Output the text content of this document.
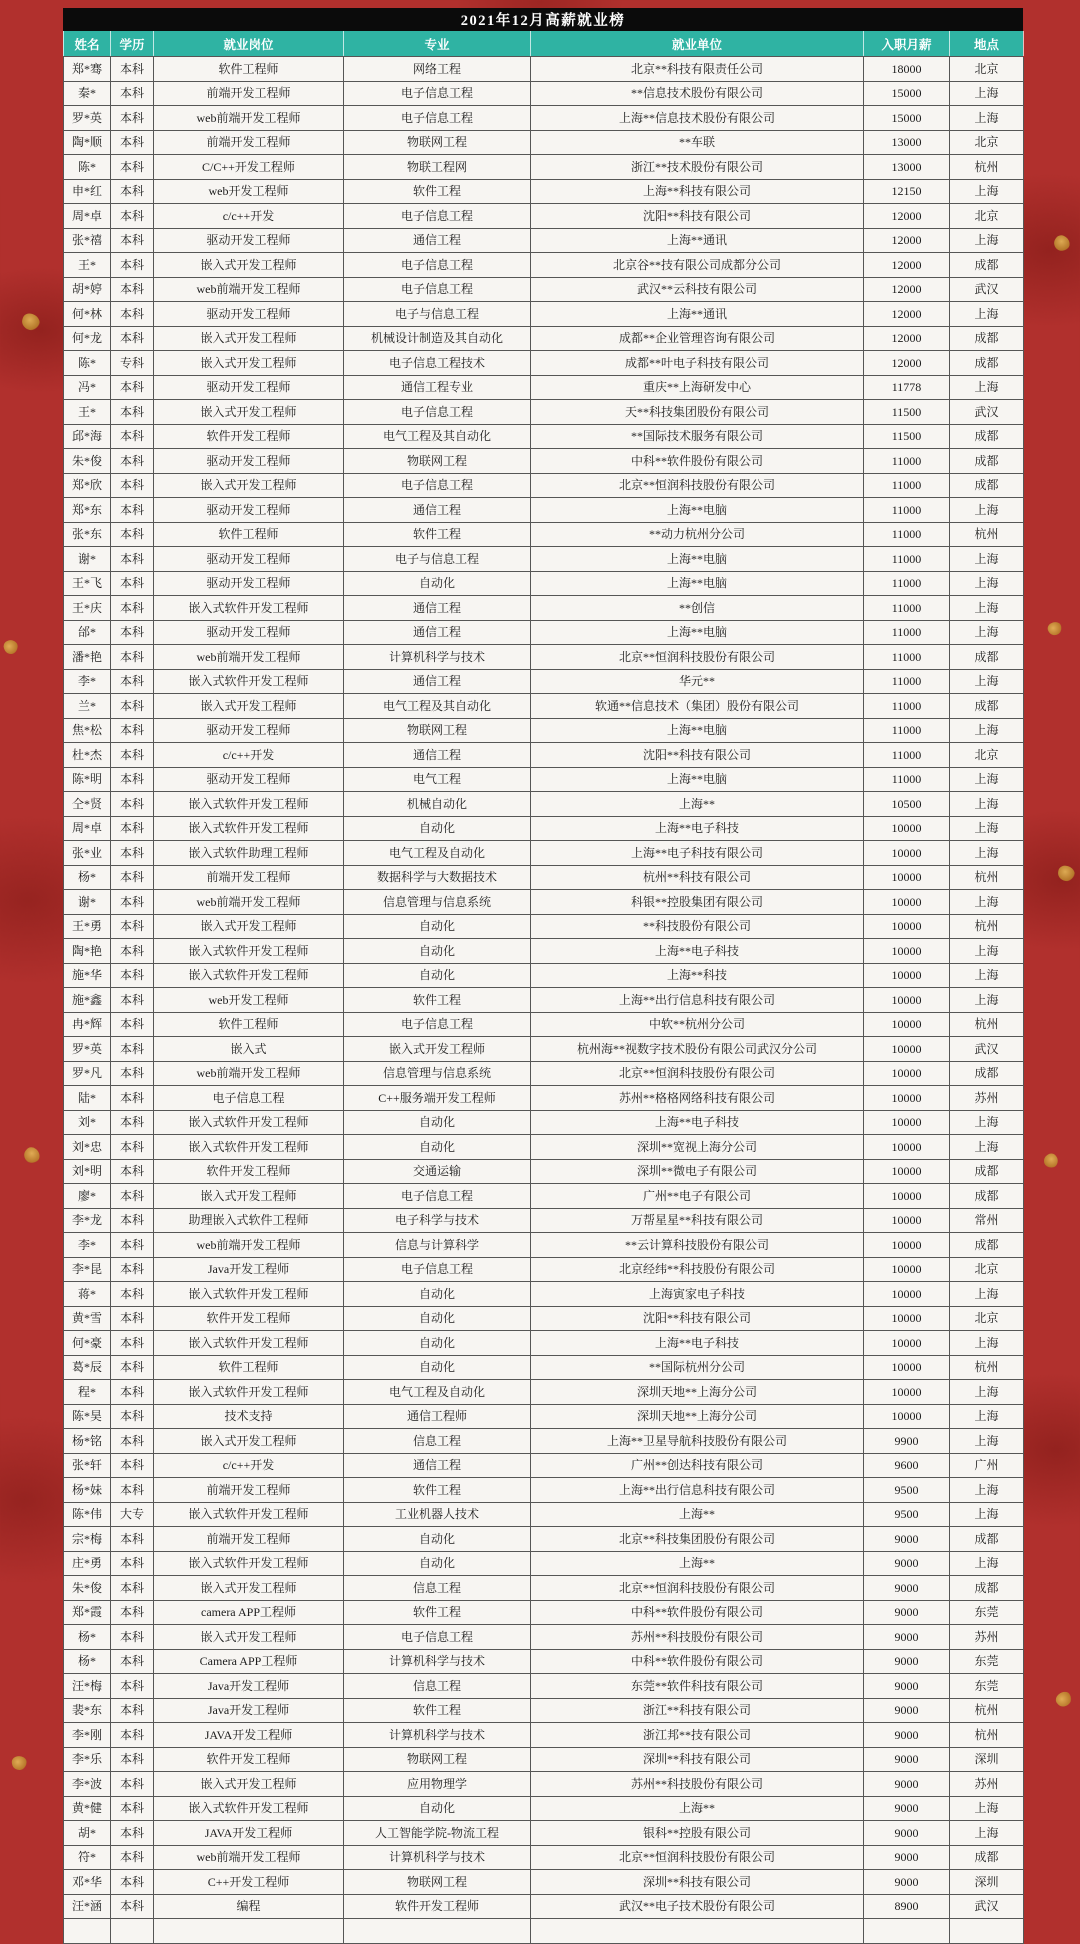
2021年12月高薪就业榜
姓名	学历	就业岗位	专业	就业单位	入职月薪	地点
郑*骞	本科	软件工程师	网络工程	北京**科技有限责任公司	18000	北京
秦*	本科	前端开发工程师	电子信息工程	**信息技术股份有限公司	15000	上海
罗*英	本科	web前端开发工程师	电子信息工程	上海**信息技术股份有限公司	15000	上海
陶*顺	本科	前端开发工程师	物联网工程	**车联	13000	北京
陈*	本科	C/C++开发工程师	物联工程网	浙江**技术股份有限公司	13000	杭州
申*红	本科	web开发工程师	软件工程	上海**科技有限公司	12150	上海
周*卓	本科	c/c++开发	电子信息工程	沈阳**科技有限公司	12000	北京
张*禧	本科	驱动开发工程师	通信工程	上海**通讯	12000	上海
王*	本科	嵌入式开发工程师	电子信息工程	北京谷**技有限公司成都分公司	12000	成都
胡*婷	本科	web前端开发工程师	电子信息工程	武汉**云科技有限公司	12000	武汉
何*林	本科	驱动开发工程师	电子与信息工程	上海**通讯	12000	上海
何*龙	本科	嵌入式开发工程师	机械设计制造及其自动化	成都**企业管理咨询有限公司	12000	成都
陈*	专科	嵌入式开发工程师	电子信息工程技术	成都**叶电子科技有限公司	12000	成都
冯*	本科	驱动开发工程师	通信工程专业	重庆**上海研发中心	11778	上海
王*	本科	嵌入式开发工程师	电子信息工程	天**科技集团股份有限公司	11500	武汉
邱*海	本科	软件开发工程师	电气工程及其自动化	**国际技术服务有限公司	11500	成都
朱*俊	本科	驱动开发工程师	物联网工程	中科**软件股份有限公司	11000	成都
郑*欣	本科	嵌入式开发工程师	电子信息工程	北京**恒润科技股份有限公司	11000	成都
郑*东	本科	驱动开发工程师	通信工程	上海**电脑	11000	上海
张*东	本科	软件工程师	软件工程	**动力杭州分公司	11000	杭州
谢*	本科	驱动开发工程师	电子与信息工程	上海**电脑	11000	上海
王*飞	本科	驱动开发工程师	自动化	上海**电脑	11000	上海
王*庆	本科	嵌入式软件开发工程师	通信工程	**创信	11000	上海
邰*	本科	驱动开发工程师	通信工程	上海**电脑	11000	上海
潘*艳	本科	web前端开发工程师	计算机科学与技术	北京**恒润科技股份有限公司	11000	成都
李*	本科	嵌入式软件开发工程师	通信工程	华元**	11000	上海
兰*	本科	嵌入式开发工程师	电气工程及其自动化	软通**信息技术（集团）股份有限公司	11000	成都
焦*松	本科	驱动开发工程师	物联网工程	上海**电脑	11000	上海
杜*杰	本科	c/c++开发	通信工程	沈阳**科技有限公司	11000	北京
陈*明	本科	驱动开发工程师	电气工程	上海**电脑	11000	上海
仝*贤	本科	嵌入式软件开发工程师	机械自动化	上海**	10500	上海
周*卓	本科	嵌入式软件开发工程师	自动化	上海**电子科技	10000	上海
张*业	本科	嵌入式软件助理工程师	电气工程及自动化	上海**电子科技有限公司	10000	上海
杨*	本科	前端开发工程师	数据科学与大数据技术	杭州**科技有限公司	10000	杭州
谢*	本科	web前端开发工程师	信息管理与信息系统	科银**控股集团有限公司	10000	上海
王*勇	本科	嵌入式开发工程师	自动化	**科技股份有限公司	10000	杭州
陶*艳	本科	嵌入式软件开发工程师	自动化	上海**电子科技	10000	上海
施*华	本科	嵌入式软件开发工程师	自动化	上海**科技	10000	上海
施*鑫	本科	web开发工程师	软件工程	上海**出行信息科技有限公司	10000	上海
冉*辉	本科	软件工程师	电子信息工程	中软**杭州分公司	10000	杭州
罗*英	本科	嵌入式	嵌入式开发工程师	杭州海**视数字技术股份有限公司武汉分公司	10000	武汉
罗*凡	本科	web前端开发工程师	信息管理与信息系统	北京**恒润科技股份有限公司	10000	成都
陆*	本科	电子信息工程	C++服务端开发工程师	苏州**格格网络科技有限公司	10000	苏州
刘*	本科	嵌入式软件开发工程师	自动化	上海**电子科技	10000	上海
刘*忠	本科	嵌入式软件开发工程师	自动化	深圳**宽视上海分公司	10000	上海
刘*明	本科	软件开发工程师	交通运输	深圳**微电子有限公司	10000	成都
廖*	本科	嵌入式开发工程师	电子信息工程	广州**电子有限公司	10000	成都
李*龙	本科	助理嵌入式软件工程师	电子科学与技术	万帮星星**科技有限公司	10000	常州
李*	本科	web前端开发工程师	信息与计算科学	**云计算科技股份有限公司	10000	成都
李*昆	本科	Java开发工程师	电子信息工程	北京经纬**科技股份有限公司	10000	北京
蒋*	本科	嵌入式软件开发工程师	自动化	上海寅家电子科技	10000	上海
黄*雪	本科	软件开发工程师	自动化	沈阳**科技有限公司	10000	北京
何*豪	本科	嵌入式软件开发工程师	自动化	上海**电子科技	10000	上海
葛*辰	本科	软件工程师	自动化	**国际杭州分公司	10000	杭州
程*	本科	嵌入式软件开发工程师	电气工程及自动化	深圳天地**上海分公司	10000	上海
陈*昊	本科	技术支持	通信工程师	深圳天地**上海分公司	10000	上海
杨*铭	本科	嵌入式开发工程师	信息工程	上海**卫星导航科技股份有限公司	9900	上海
张*轩	本科	c/c++开发	通信工程	广州**创达科技有限公司	9600	广州
杨*妹	本科	前端开发工程师	软件工程	上海**出行信息科技有限公司	9500	上海
陈*伟	大专	嵌入式软件开发工程师	工业机器人技术	上海**	9500	上海
宗*梅	本科	前端开发工程师	自动化	北京**科技集团股份有限公司	9000	成都
庄*勇	本科	嵌入式软件开发工程师	自动化	上海**	9000	上海
朱*俊	本科	嵌入式开发工程师	信息工程	北京**恒润科技股份有限公司	9000	成都
郑*霞	本科	camera APP工程师	软件工程	中科**软件股份有限公司	9000	东莞
杨*	本科	嵌入式开发工程师	电子信息工程	苏州**科技股份有限公司	9000	苏州
杨*	本科	Camera APP工程师	计算机科学与技术	中科**软件股份有限公司	9000	东莞
汪*梅	本科	Java开发工程师	信息工程	东莞**软件科技有限公司	9000	东莞
裴*东	本科	Java开发工程师	软件工程	浙江**科技有限公司	9000	杭州
李*刚	本科	JAVA开发工程师	计算机科学与技术	浙江邦**技有限公司	9000	杭州
李*乐	本科	软件开发工程师	物联网工程	深圳**科技有限公司	9000	深圳
李*波	本科	嵌入式开发工程师	应用物理学	苏州**科技股份有限公司	9000	苏州
黄*健	本科	嵌入式软件开发工程师	自动化	上海**	9000	上海
胡*	本科	JAVA开发工程师	人工智能学院-物流工程	银科**控股有限公司	9000	上海
符*	本科	web前端开发工程师	计算机科学与技术	北京**恒润科技股份有限公司	9000	成都
邓*华	本科	C++开发工程师	物联网工程	深圳**科技有限公司	9000	深圳
汪*涵	本科	编程	软件开发工程师	武汉**电子技术股份有限公司	8900	武汉
